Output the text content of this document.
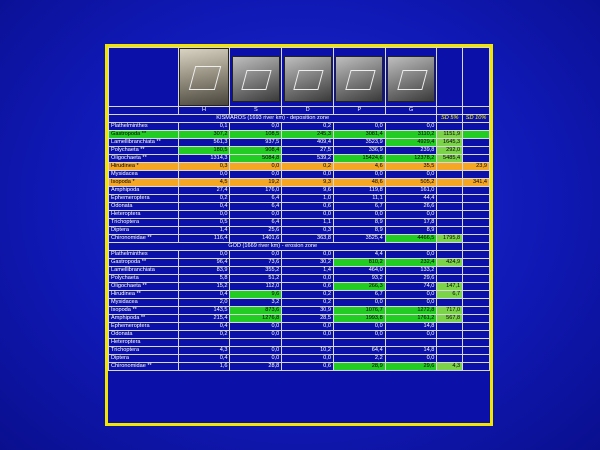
	H	S	D	P	G		
KISMAROS (1693 river km) - deposition zone						SD 5%	SD 10%
Plathelminthes	0,1	0,0	0,2	0,0	0,0		
Gastropoda **	307,2	108,5	245,3	3081,4	3110,2	1151,9	
Lamellibranchiata **	561,3	937,5	409,4	3523,9	4929,4	1645,3	
Polychaeta **	180,5	908,4	27,5	336,9	239,8	292,0	
Oligochaeta **	1314,3	5084,8	539,2	15424,6	12378,2	5485,4	
Hirudinea *	0,3	0,0	0,2	4,6	35,5		23,9
Mysidacea	0,0	0,0	0,0	0,0	0,0		
Isopoda *	4,5	19,2	9,3	48,6	505,2		341,4
Amphipoda	27,4	176,0	9,6	119,8	161,0		
Ephemeroptera	0,2	6,4	1,0	11,1	44,4		
Odonata	0,4	6,4	0,6	6,7	26,6		
Heteroptera	0,0	0,0	0,0	0,0	0,0		
Trichoptera	0,5	6,4	1,1	8,9	17,8		
Diptera	1,4	25,6	0,3	8,9	8,9		
Chironomidae **	116,4	1401,6	363,8	3525,4	4466,5	1795,8	
GÖD (1669 river km) - erosion zone							
Plathelminthes	0,0	0,0	0,0	4,4	0,0		
Gastropoda **	96,4	73,6	30,2	810,2	232,4	424,9	
Lamellibranchiata	83,9	355,2	1,4	464,0	133,2		
Polychaeta	5,8	51,2	0,0	93,2	29,6		
Oligochaeta **	15,2	112,0	0,6	266,3	74,0	147,1	
Hirudinea **	0,4	9,6	0,2	6,7	0,0	6,7	
Mysidacea	2,0	3,2	0,2	0,0	0,0		
Isopoda **	143,5	873,6	30,9	1076,7	1272,8	717,0	
Amphipoda **	215,4	1276,8	28,5	1993,8	1761,2	567,8	
Ephemeroptera	0,4	0,0	0,0	0,0	14,8		
Odonata	0,2	0,0	0,0	0,0	0,0		
Heteroptera							
Trichoptera	4,3	0,0	10,2	64,4	14,8		
Diptera	0,4	0,0	0,0	2,2	0,0		
Chironomidae **	1,6	28,8	0,6	28,9	29,6	4,3	
